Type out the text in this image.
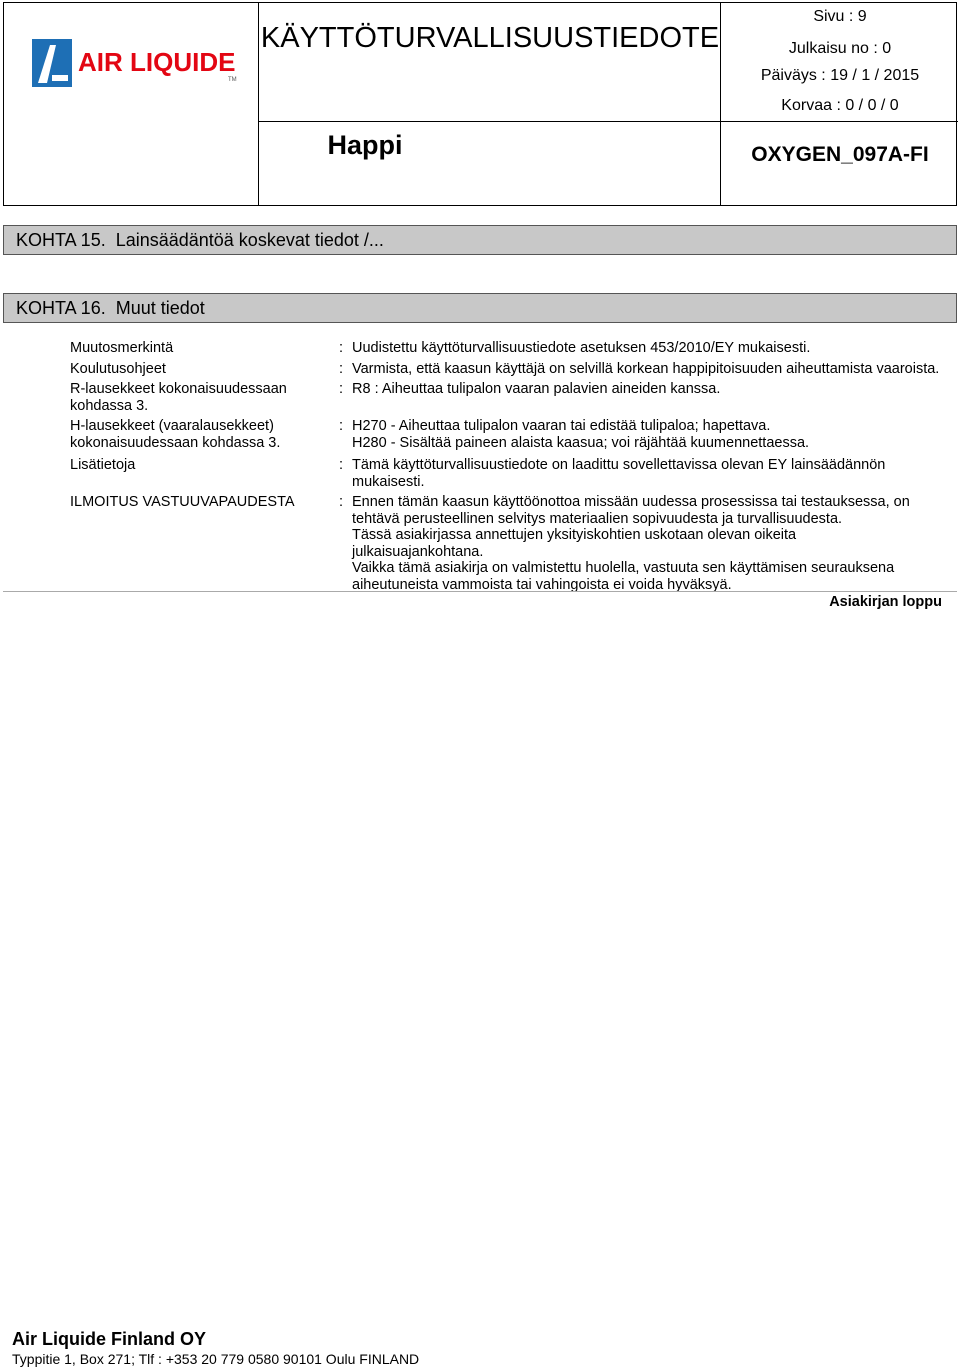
AIR LIQUIDE
TM
KÄYTTÖTURVALLISUUSTIEDOTE
Happi
Sivu : 9
Julkaisu no : 0
Päiväys : 19 / 1 / 2015
Korvaa : 0 / 0 / 0
OXYGEN_097A-FI
KOHTA 15. Lainsäädäntöä koskevat tiedot /...
KOHTA 16. Muut tiedot
Muutosmerkintä	: Uudistettu käyttöturvallisuustiedote asetuksen 453/2010/EY mukaisesti.
Koulutusohjeet	: Varmista, että kaasun käyttäjä on selvillä korkean happipitoisuuden aiheuttamista vaaroista.
R-lausekkeet kokonaisuudessaan kohdassa 3.
: R8 : Aiheuttaa tulipalon vaaran palavien aineiden kanssa.
H-lausekkeet (vaaralausekkeet) kokonaisuudessaan kohdassa 3.
: H270 - Aiheuttaa tulipalon vaaran tai edistää tulipaloa; hapettava.
H280 - Sisältää paineen alaista kaasua; voi räjähtää kuumennettaessa.
Lisätietoja	: Tämä käyttöturvallisuustiedote on laadittu sovellettavissa olevan EY lainsäädännön mukaisesti.
ILMOITUS VASTUUVAPAUDESTA	: Ennen tämän kaasun käyttöönottoa missään uudessa prosessissa tai testauksessa, on tehtävä perusteellinen selvitys materiaalien sopivuudesta ja turvallisuudesta.
Tässä asiakirjassa annettujen yksityiskohtien uskotaan olevan oikeita julkaisuajankohtana.
Vaikka tämä asiakirja on valmistettu huolella, vastuuta sen käyttämisen seurauksena aiheutuneista vammoista tai vahingoista ei voida hyväksyä.
Asiakirjan loppu
Air Liquide Finland OY
Typpitie 1, Box 271; Tlf : +353 20 779 0580 90101 Oulu FINLAND
